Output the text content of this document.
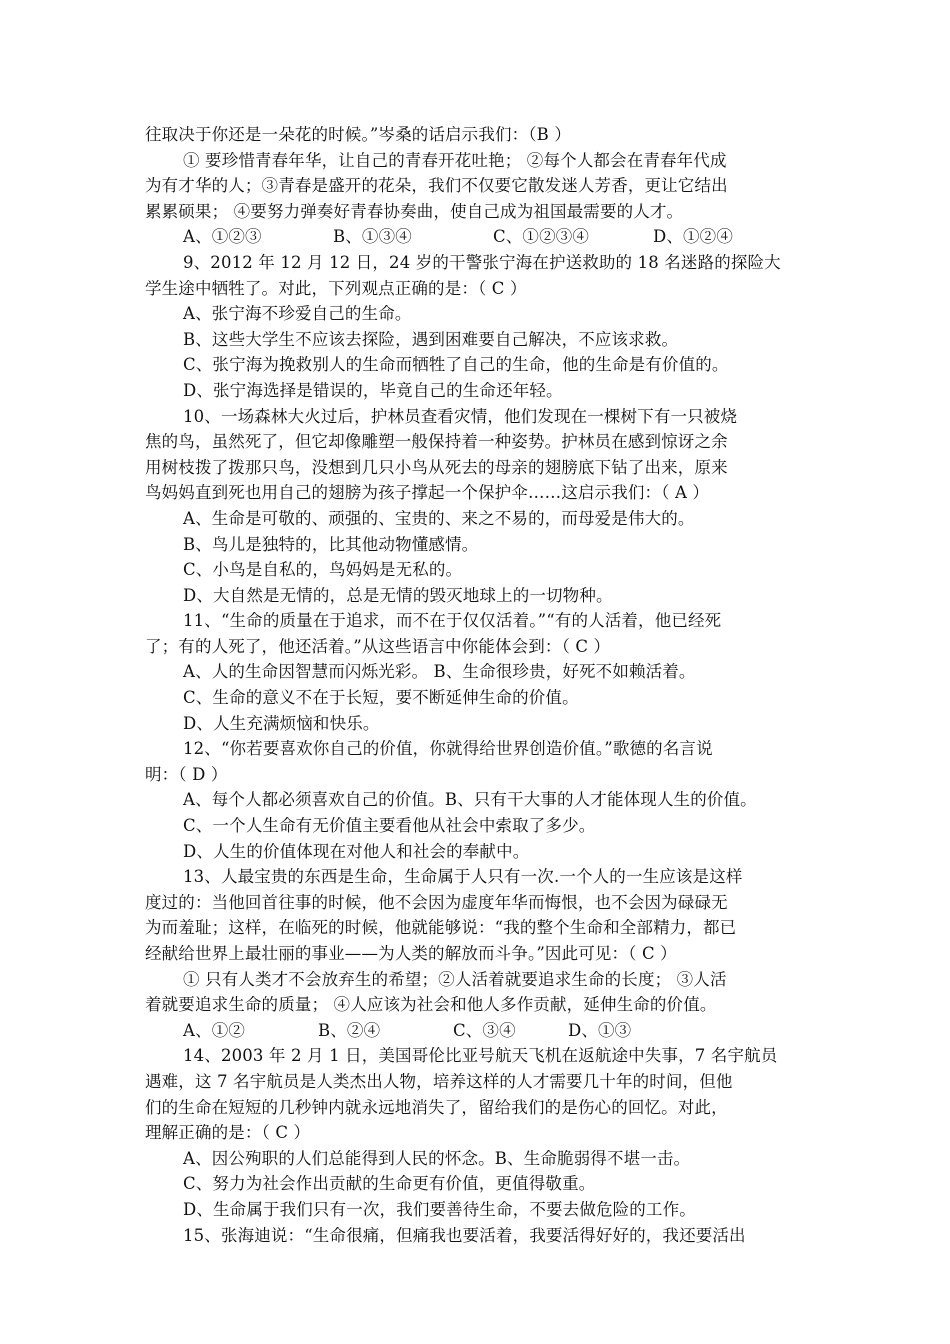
往取决于你还是一朵花的时候。”岑桑的话启示我们：（B ）
① 要珍惜青春年华，让自己的青春开花吐艳； ②每个人都会在青春年代成
为有才华的人；③青春是盛开的花朵，我们不仅要它散发迷人芳香，更让它结出
累累硕果； ④要努力弹奏好青春协奏曲，使自己成为祖国最需要的人才。
A、①②③	B、①③④	C、①②③④	D、①②④
9、2012 年 12 月 12 日，24 岁的干警张宁海在护送救助的 18 名迷路的探险大
学生途中牺牲了。对此，下列观点正确的是：（ C ）
A、张宁海不珍爱自己的生命。
B、这些大学生不应该去探险，遇到困难要自己解决，不应该求救。
C、张宁海为挽救别人的生命而牺牲了自己的生命，他的生命是有价值的。
D、张宁海选择是错误的，毕竟自己的生命还年轻。
10、一场森林大火过后，护林员查看灾情，他们发现在一棵树下有一只被烧
焦的鸟，虽然死了，但它却像雕塑一般保持着一种姿势。护林员在感到惊讶之余
用树枝拨了拨那只鸟，没想到几只小鸟从死去的母亲的翅膀底下钻了出来，原来
鸟妈妈直到死也用自己的翅膀为孩子撑起一个保护伞……这启示我们：（ A ）
A、生命是可敬的、顽强的、宝贵的、来之不易的，而母爱是伟大的。
B、鸟儿是独特的，比其他动物懂感情。
C、小鸟是自私的，鸟妈妈是无私的。
D、大自然是无情的，总是无情的毁灭地球上的一切物种。
11、“生命的质量在于追求，而不在于仅仅活着。”“有的人活着，他已经死
了；有的人死了，他还活着。”从这些语言中你能体会到：（ C ）
A、人的生命因智慧而闪烁光彩。 B、生命很珍贵，好死不如赖活着。
C、生命的意义不在于长短，要不断延伸生命的价值。
D、人生充满烦恼和快乐。
12、“你若要喜欢你自己的价值，你就得给世界创造价值。”歌德的名言说
明：（ D ）
A、每个人都必须喜欢自己的价值。B、只有干大事的人才能体现人生的价值。
C、一个人生命有无价值主要看他从社会中索取了多少。
D、人生的价值体现在对他人和社会的奉献中。
13、人最宝贵的东西是生命，生命属于人只有一次.一个人的一生应该是这样
度过的：当他回首往事的时候，他不会因为虚度年华而悔恨，也不会因为碌碌无
为而羞耻；这样，在临死的时候，他就能够说：“我的整个生命和全部精力，都已
经献给世界上最壮丽的事业——为人类的解放而斗争。”因此可见：（ C ）
① 只有人类才不会放弃生的希望；②人活着就要追求生命的长度； ③人活
着就要追求生命的质量； ④人应该为社会和他人多作贡献，延伸生命的价值。
A、①②	B、②④	C、③④	D、①③
14、2003 年 2 月 1 日，美国哥伦比亚号航天飞机在返航途中失事，7 名宇航员
遇难，这 7 名宇航员是人类杰出人物，培养这样的人才需要几十年的时间，但他
们的生命在短短的几秒钟内就永远地消失了，留给我们的是伤心的回忆。对此，
理解正确的是：（ C ）
A、因公殉职的人们总能得到人民的怀念。B、生命脆弱得不堪一击。
C、努力为社会作出贡献的生命更有价值，更值得敬重。
D、生命属于我们只有一次，我们要善待生命，不要去做危险的工作。
15、张海迪说：“生命很痛，但痛我也要活着，我要活得好好的，我还要活出
